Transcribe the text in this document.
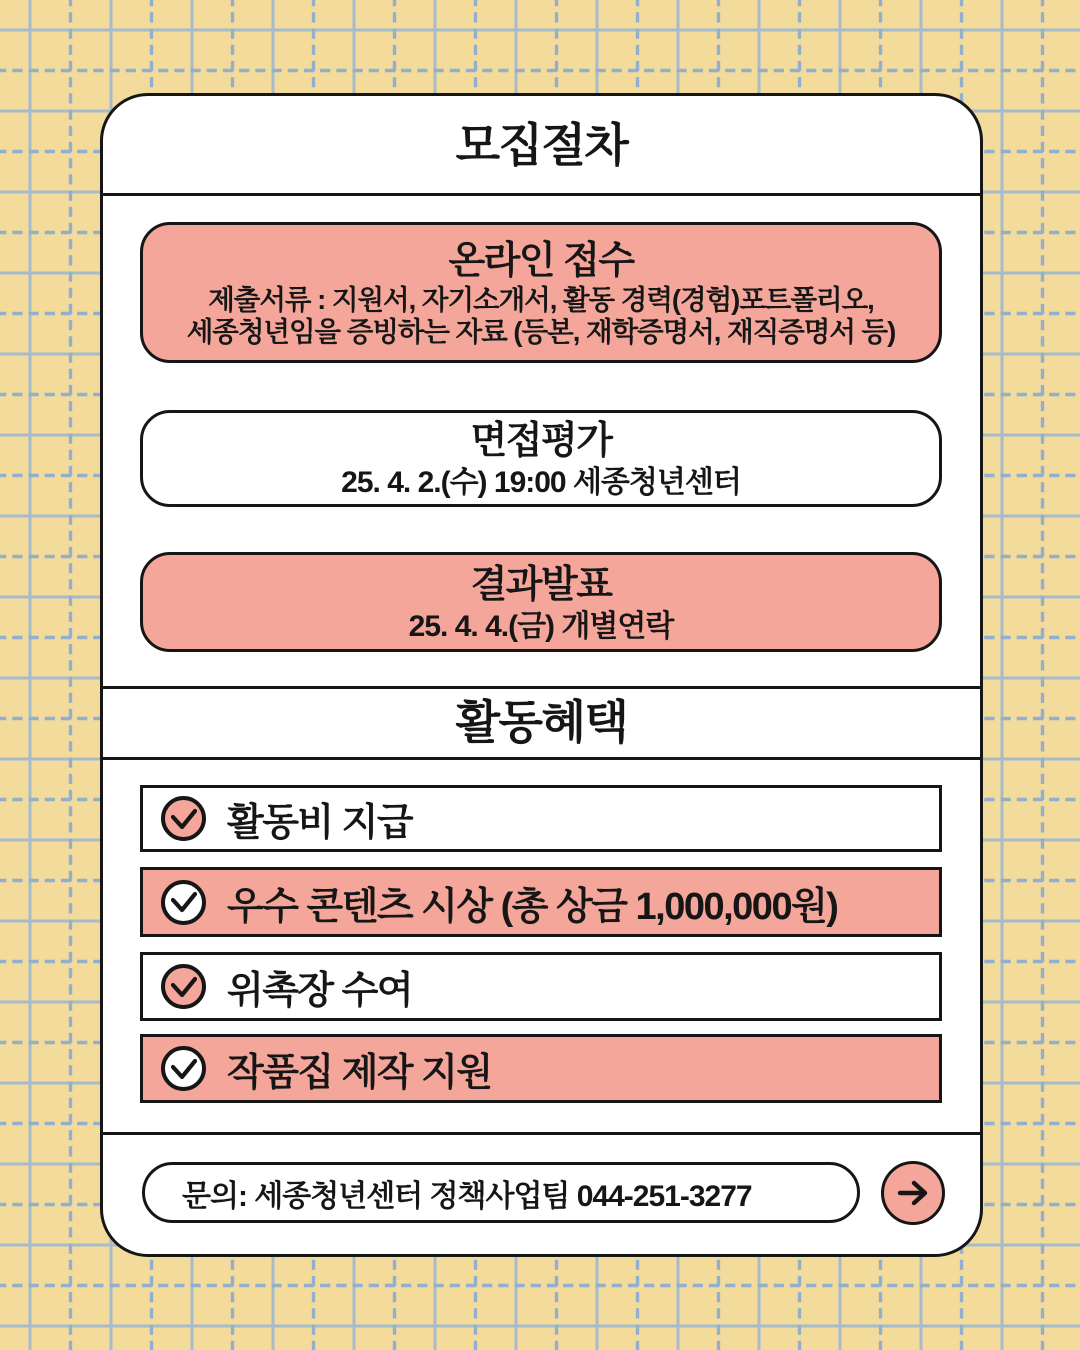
모집절차
온라인 접수
제출서류 : 지원서, 자기소개서, 활동 경력(경험)포트폴리오,
세종청년임을 증빙하는 자료 (등본, 재학증명서, 재직증명서 등)
면접평가
25. 4. 2.(수) 19:00 세종청년센터
결과발표
25. 4. 4.(금) 개별연락
활동혜택
활동비 지급
우수 콘텐츠 시상 (총 상금 1,000,000원)
위촉장 수여
작품집 제작 지원
문의: 세종청년센터 정책사업팀 044-251-3277
